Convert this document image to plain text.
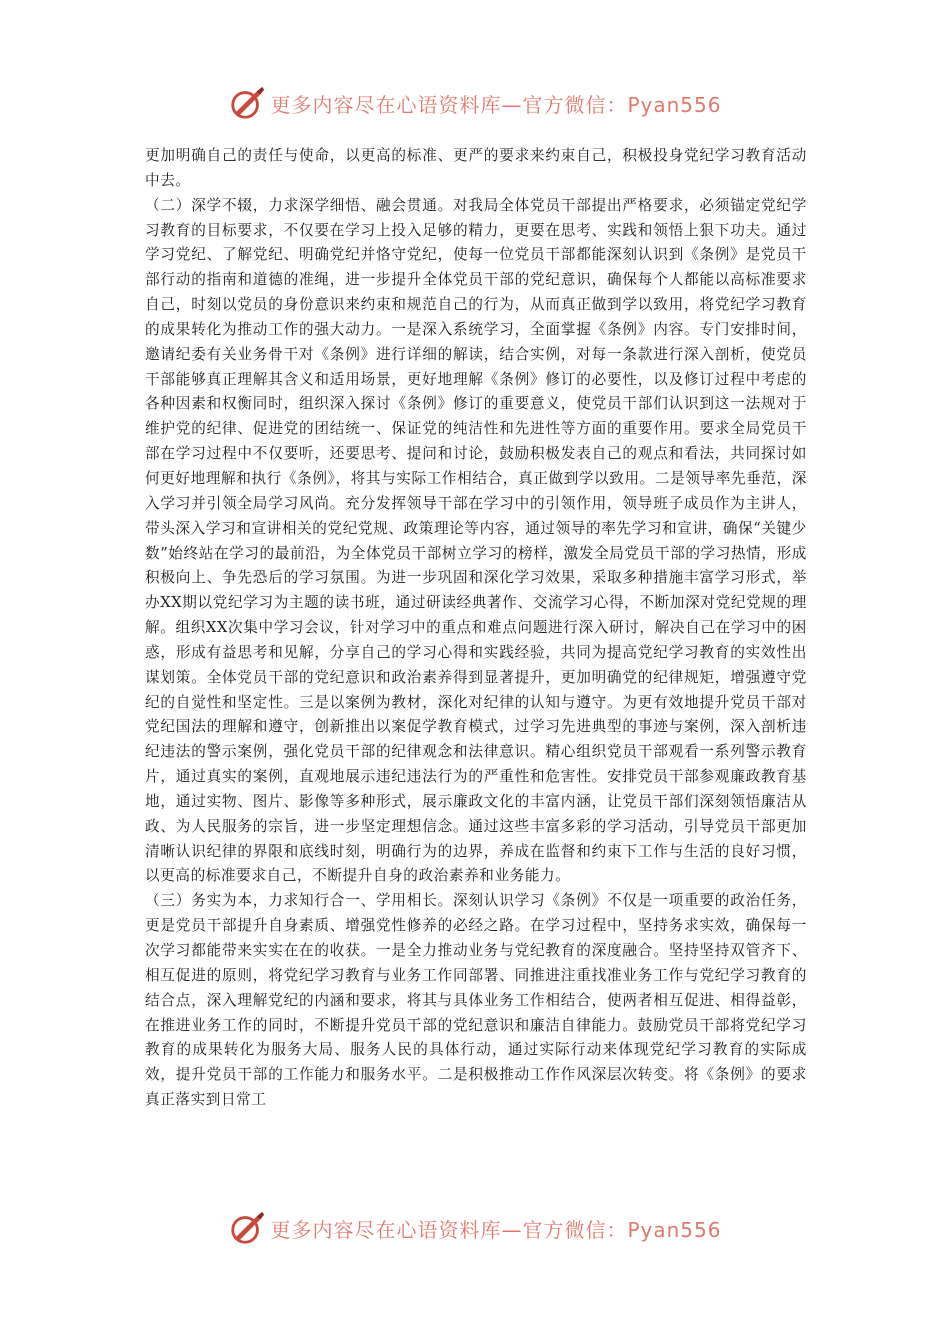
更多内容尽在心语资料库—官方微信：Pyan556

更加明确自己的责任与使命，以更高的标准、更严的要求来约束自己，积极投身党纪学习教育活动中去。

（二）深学不辍，力求深学细悟、融会贯通。对我局全体党员干部提出严格要求，必须锚定党纪学习教育的目标要求，不仅要在学习上投入足够的精力，更要在思考、实践和领悟上狠下功夫。通过学习党纪、了解党纪、明确党纪并恪守党纪，使每一位党员干部都能深刻认识到《条例》是党员干部行动的指南和道德的准绳，进一步提升全体党员干部的党纪意识，确保每个人都能以高标准要求自己，时刻以党员的身份意识来约束和规范自己的行为，从而真正做到学以致用，将党纪学习教育的成果转化为推动工作的强大动力。一是深入系统学习，全面掌握《条例》内容。专门安排时间，邀请纪委有关业务骨干对《条例》进行详细的解读，结合实例，对每一条款进行深入剖析，使党员干部能够真正理解其含义和适用场景，更好地理解《条例》修订的必要性，以及修订过程中考虑的各种因素和权衡同时，组织深入探讨《条例》修订的重要意义，使党员干部们认识到这一法规对于维护党的纪律、促进党的团结统一、保证党的纯洁性和先进性等方面的重要作用。要求全局党员干部在学习过程中不仅要听，还要思考、提问和讨论，鼓励积极发表自己的观点和看法，共同探讨如何更好地理解和执行《条例》，将其与实际工作相结合，真正做到学以致用。二是领导率先垂范，深入学习并引领全局学习风尚。充分发挥领导干部在学习中的引领作用，领导班子成员作为主讲人，带头深入学习和宣讲相关的党纪党规、政策理论等内容，通过领导的率先学习和宣讲，确保“关键少数”始终站在学习的最前沿，为全体党员干部树立学习的榜样，激发全局党员干部的学习热情，形成积极向上、争先恐后的学习氛围。为进一步巩固和深化学习效果，采取多种措施丰富学习形式，举办XX期以党纪学习为主题的读书班，通过研读经典著作、交流学习心得，不断加深对党纪党规的理解。组织XX次集中学习会议，针对学习中的重点和难点问题进行深入研讨，解决自己在学习中的困惑，形成有益思考和见解，分享自己的学习心得和实践经验，共同为提高党纪学习教育的实效性出谋划策。全体党员干部的党纪意识和政治素养得到显著提升，更加明确党的纪律规矩，增强遵守党纪的自觉性和坚定性。三是以案例为教材，深化对纪律的认知与遵守。为更有效地提升党员干部对党纪国法的理解和遵守，创新推出以案促学教育模式，过学习先进典型的事迹与案例，深入剖析违纪违法的警示案例，强化党员干部的纪律观念和法律意识。精心组织党员干部观看一系列警示教育片，通过真实的案例，直观地展示违纪违法行为的严重性和危害性。安排党员干部参观廉政教育基地，通过实物、图片、影像等多种形式，展示廉政文化的丰富内涵，让党员干部们深刻领悟廉洁从政、为人民服务的宗旨，进一步坚定理想信念。通过这些丰富多彩的学习活动，引导党员干部更加清晰认识纪律的界限和底线时刻，明确行为的边界，养成在监督和约束下工作与生活的良好习惯，以更高的标准要求自己，不断提升自身的政治素养和业务能力。

（三）务实为本，力求知行合一、学用相长。深刻认识学习《条例》不仅是一项重要的政治任务，更是党员干部提升自身素质、增强党性修养的必经之路。在学习过程中，坚持务求实效，确保每一次学习都能带来实实在在的收获。一是全力推动业务与党纪教育的深度融合。坚持坚持双管齐下、相互促进的原则，将党纪学习教育与业务工作同部署、同推进注重找准业务工作与党纪学习教育的结合点，深入理解党纪的内涵和要求，将其与具体业务工作相结合，使两者相互促进、相得益彰，在推进业务工作的同时，不断提升党员干部的党纪意识和廉洁自律能力。鼓励党员干部将党纪学习教育的成果转化为服务大局、服务人民的具体行动，通过实际行动来体现党纪学习教育的实际成效，提升党员干部的工作能力和服务水平。二是积极推动工作作风深层次转变。将《条例》的要求真正落实到日常工

更多内容尽在心语资料库—官方微信：Pyan556
